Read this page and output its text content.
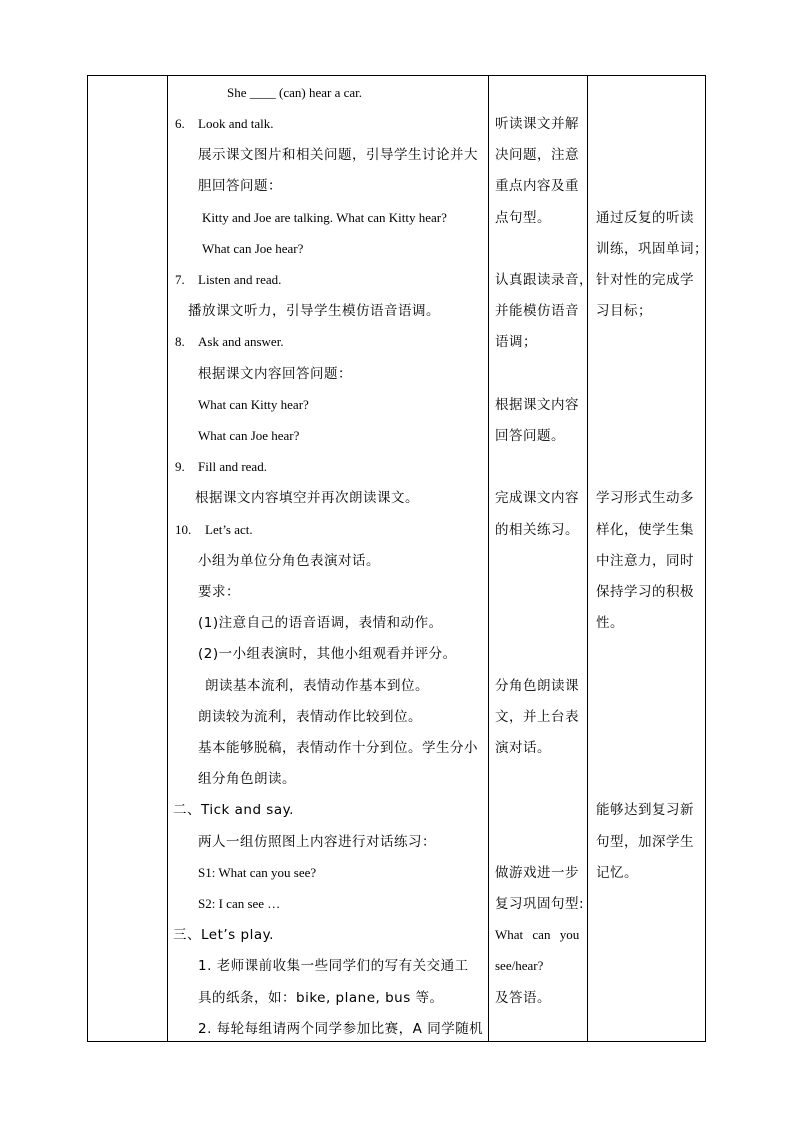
She ____ (can) hear a car.
6. Look and talk.
展示课文图片和相关问题，引导学生讨论并大
胆回答问题：
Kitty and Joe are talking. What can Kitty hear?
What can Joe hear?
7. Listen and read.
播放课文听力，引导学生模仿语音语调。
8. Ask and answer.
根据课文内容回答问题：
What can Kitty hear?
What can Joe hear?
9. Fill and read.
根据课文内容填空并再次朗读课文。
10. Let’s act.
小组为单位分角色表演对话。
要求：
(1)注意自己的语音语调，表情和动作。
(2)一小组表演时，其他小组观看并评分。
朗读基本流利，表情动作基本到位。
朗读较为流利，表情动作比较到位。
基本能够脱稿，表情动作十分到位。学生分小
组分角色朗读。
二、Tick and say.
两人一组仿照图上内容进行对话练习：
S1: What can you see?
S2: I can see …
三、Let’s play.
1. 老师课前收集一些同学们的写有关交通工
具的纸条，如：bike, plane, bus 等。
2. 每轮每组请两个同学参加比赛，A 同学随机
听读课文并解
决问题，注意
重点内容及重
点句型。
认真跟读录音，
并能模仿语音
语调；
根据课文内容
回答问题。
完成课文内容
的相关练习。
分角色朗读课
文，并上台表
演对话。
做游戏进一步
复习巩固句型:
What can you
see/hear?
及答语。
通过反复的听读
训练，巩固单词；
针对性的完成学
习目标；
学习形式生动多
样化，使学生集
中注意力，同时
保持学习的积极
性。
能够达到复习新
句型，加深学生
记忆。
